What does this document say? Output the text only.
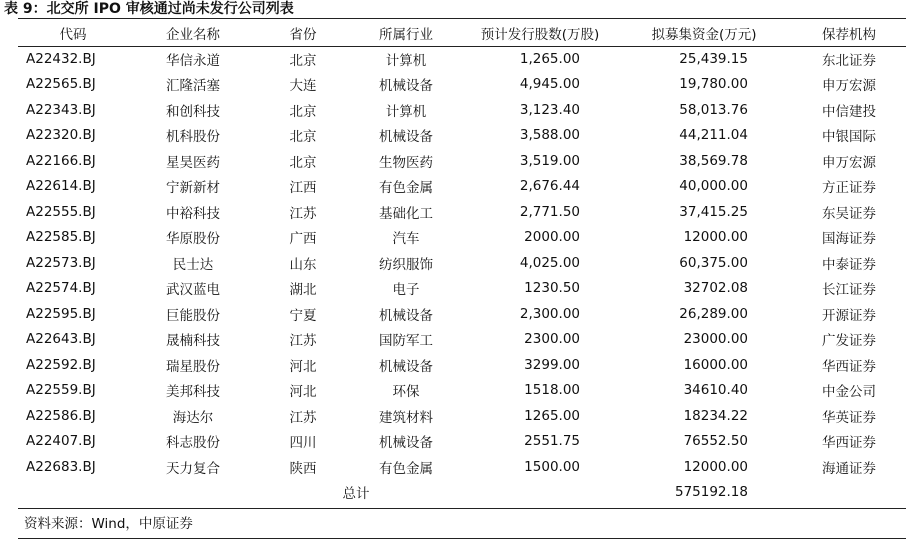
表 9：北交所 IPO 审核通过尚未发行公司列表
代码	企业名称	省份	所属行业	预计发行股数(万股)	拟募集资金(万元)	保荐机构
A22432.BJ	华信永道	北京	计算机	1,265.00	25,439.15	东北证券
A22565.BJ	汇隆活塞	大连	机械设备	4,945.00	19,780.00	申万宏源
A22343.BJ	和创科技	北京	计算机	3,123.40	58,013.76	中信建投
A22320.BJ	机科股份	北京	机械设备	3,588.00	44,211.04	中银国际
A22166.BJ	星昊医药	北京	生物医药	3,519.00	38,569.78	申万宏源
A22614.BJ	宁新新材	江西	有色金属	2,676.44	40,000.00	方正证券
A22555.BJ	中裕科技	江苏	基础化工	2,771.50	37,415.25	东吴证券
A22585.BJ	华原股份	广西	汽车	2000.00	12000.00	国海证券
A22573.BJ	民士达	山东	纺织服饰	4,025.00	60,375.00	中泰证券
A22574.BJ	武汉蓝电	湖北	电子	1230.50	32702.08	长江证券
A22595.BJ	巨能股份	宁夏	机械设备	2,300.00	26,289.00	开源证券
A22643.BJ	晟楠科技	江苏	国防军工	2300.00	23000.00	广发证券
A22592.BJ	瑞星股份	河北	机械设备	3299.00	16000.00	华西证券
A22559.BJ	美邦科技	河北	环保	1518.00	34610.40	中金公司
A22586.BJ	海达尔	江苏	建筑材料	1265.00	18234.22	华英证券
A22407.BJ	科志股份	四川	机械设备	2551.75	76552.50	华西证券
A22683.BJ	天力复合	陕西	有色金属	1500.00	12000.00	海通证券
总计					575192.18	
资料来源：Wind，中原证券
